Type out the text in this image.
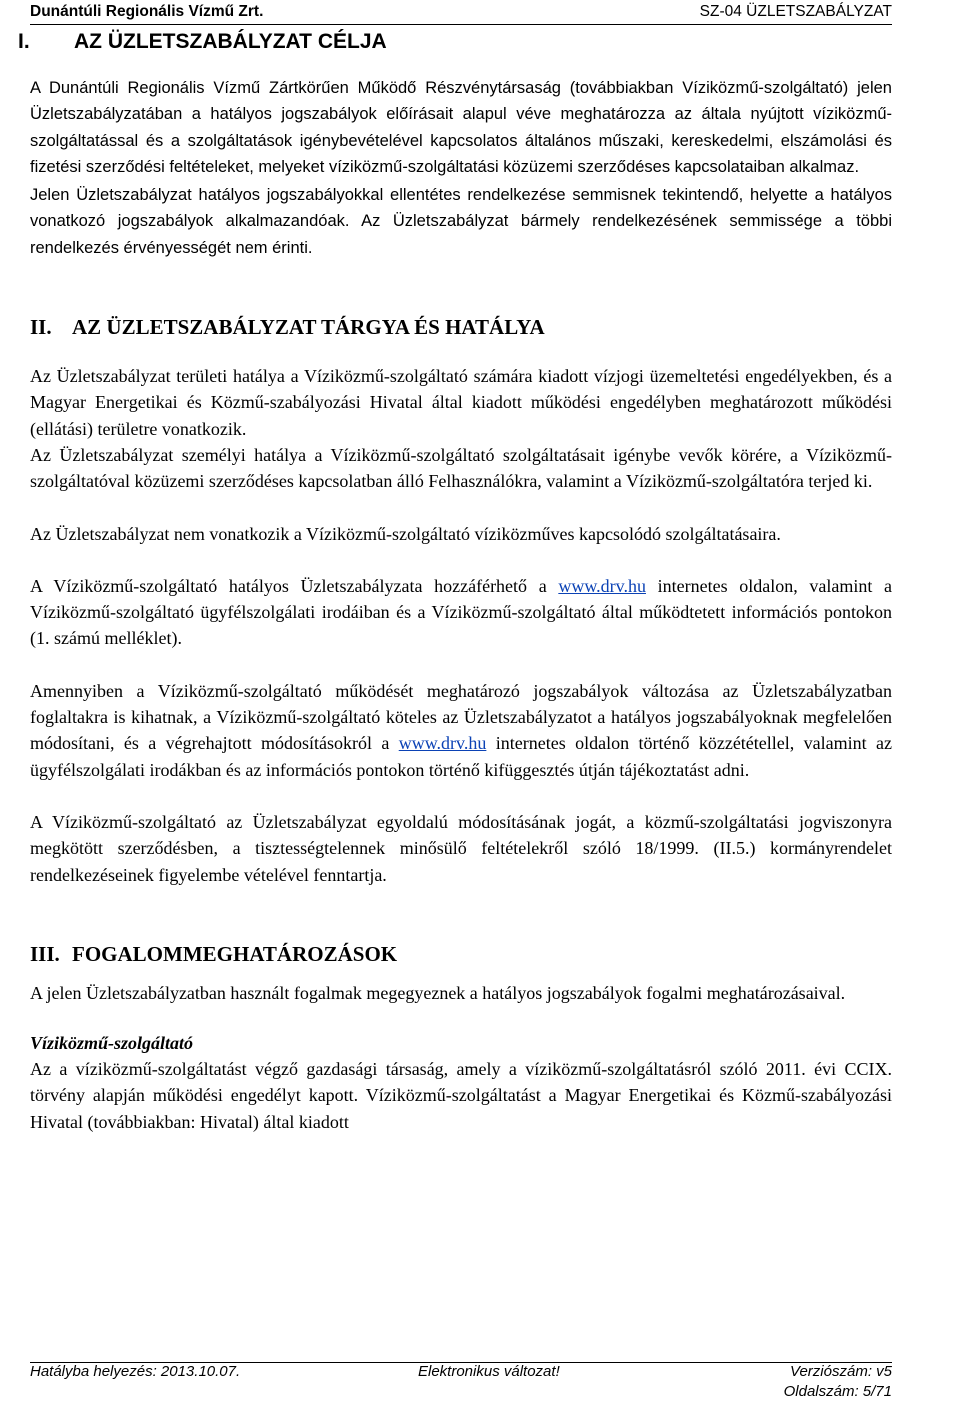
Dunántúli Regionális Vízmű Zrt.	SZ-04 ÜZLETSZABÁLYZAT
I. AZ ÜZLETSZABÁLYZAT CÉLJA

A Dunántúli Regionális Vízmű Zártkörűen Működő Részvénytársaság (továbbiakban Víziközmű-szolgáltató) jelen Üzletszabályzatában a hatályos jogszabályok előírásait alapul véve meghatározza az általa nyújtott víziközmű-szolgáltatással és a szolgáltatások igénybevételével kapcsolatos általános műszaki, kereskedelmi, elszámolási és fizetési szerződési feltételeket, melyeket víziközmű-szolgáltatási közüzemi szerződéses kapcsolataiban alkalmaz.

Jelen Üzletszabályzat hatályos jogszabályokkal ellentétes rendelkezése semmisnek tekintendő, helyette a hatályos vonatkozó jogszabályok alkalmazandóak. Az Üzletszabályzat bármely rendelkezésének semmissége a többi rendelkezés érvényességét nem érinti.

II. AZ ÜZLETSZABÁLYZAT TÁRGYA ÉS HATÁLYA

Az Üzletszabályzat területi hatálya a Víziközmű-szolgáltató számára kiadott vízjogi üzemeltetési engedélyekben, és a Magyar Energetikai és Közmű-szabályozási Hivatal által kiadott működési engedélyben meghatározott működési (ellátási) területre vonatkozik.

Az Üzletszabályzat személyi hatálya a Víziközmű-szolgáltató szolgáltatásait igénybe vevők körére, a Víziközmű-szolgáltatóval közüzemi szerződéses kapcsolatban álló Felhasználókra, valamint a Víziközmű-szolgáltatóra terjed ki.

Az Üzletszabályzat nem vonatkozik a Víziközmű-szolgáltató víziközműves kapcsolódó szolgáltatásaira.

A Víziközmű-szolgáltató hatályos Üzletszabályzata hozzáférhető a www.drv.hu internetes oldalon, valamint a Víziközmű-szolgáltató ügyfélszolgálati irodáiban és a Víziközmű-szolgáltató által működtetett információs pontokon (1. számú melléklet).

Amennyiben a Víziközmű-szolgáltató működését meghatározó jogszabályok változása az Üzletszabályzatban foglaltakra is kihatnak, a Víziközmű-szolgáltató köteles az Üzletszabályzatot a hatályos jogszabályoknak megfelelően módosítani, és a végrehajtott módosításokról a www.drv.hu internetes oldalon történő közzététellel, valamint az ügyfélszolgálati irodákban és az információs pontokon történő kifüggesztés útján tájékoztatást adni.

A Víziközmű-szolgáltató az Üzletszabályzat egyoldalú módosításának jogát, a közmű-szolgáltatási jogviszonyra megkötött szerződésben, a tisztességtelennek minősülő feltételekről szóló 18/1999. (II.5.) kormányrendelet rendelkezéseinek figyelembe vételével fenntartja.

III. FOGALOMMEGHATÁROZÁSOK

A jelen Üzletszabályzatban használt fogalmak megegyeznek a hatályos jogszabályok fogalmi meghatározásaival.

Víziközmű-szolgáltató

Az a víziközmű-szolgáltatást végző gazdasági társaság, amely a víziközmű-szolgáltatásról szóló 2011. évi CCIX. törvény alapján működési engedélyt kapott. Víziközmű-szolgáltatást a Magyar Energetikai és Közmű-szabályozási Hivatal (továbbiakban: Hivatal) által kiadott

Hatályba helyezés: 2013.10.07.	Elektronikus változat!	Verziószám: v5
Oldalszám: 5/71
